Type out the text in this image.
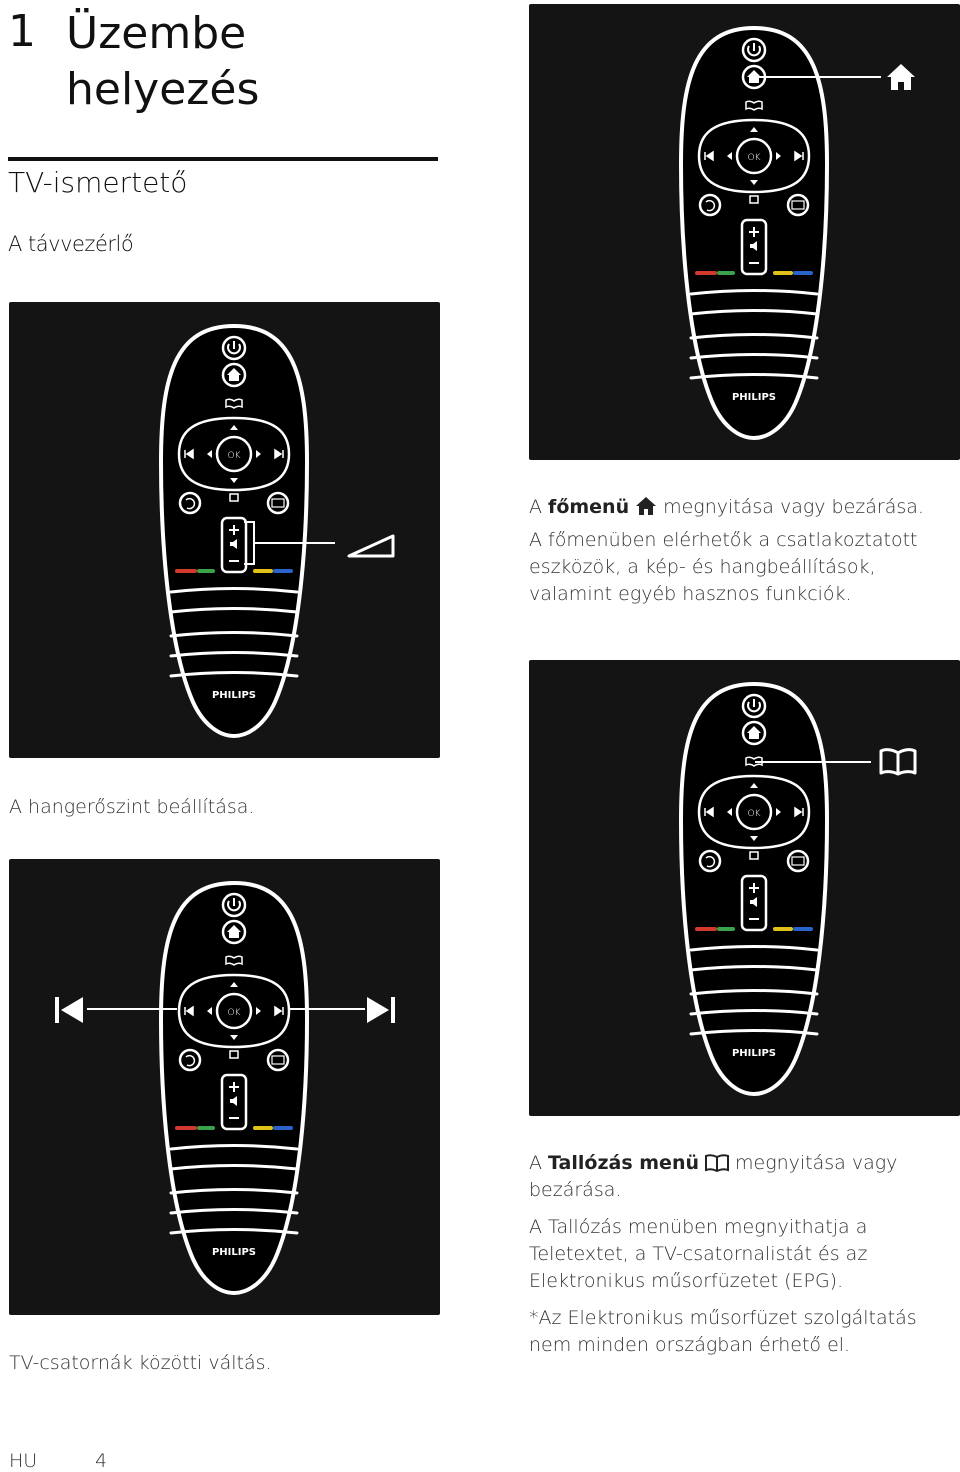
1 Üzembe helyezés
TV-ismertető
A távvezérlő
OK
PHILIPS
A hangerőszint beállítása.
OK
PHILIPS
TV-csatornák közötti váltás.
OK
PHILIPS
A főmenü megnyitása vagy bezárása.
A főmenüben elérhetők a csatlakoztatott eszközök, a kép- és hangbeállítások, valamint egyéb hasznos funkciók.
OK
PHILIPS
A Tallózás menü megnyitása vagy bezárása.
A Tallózás menüben megnyithatja a Teletextet, a TV-csatornalistát és az Elektronikus műsorfüzetet (EPG).
*Az Elektronikus műsorfüzet szolgáltatás nem minden országban érhető el.
HU	4
